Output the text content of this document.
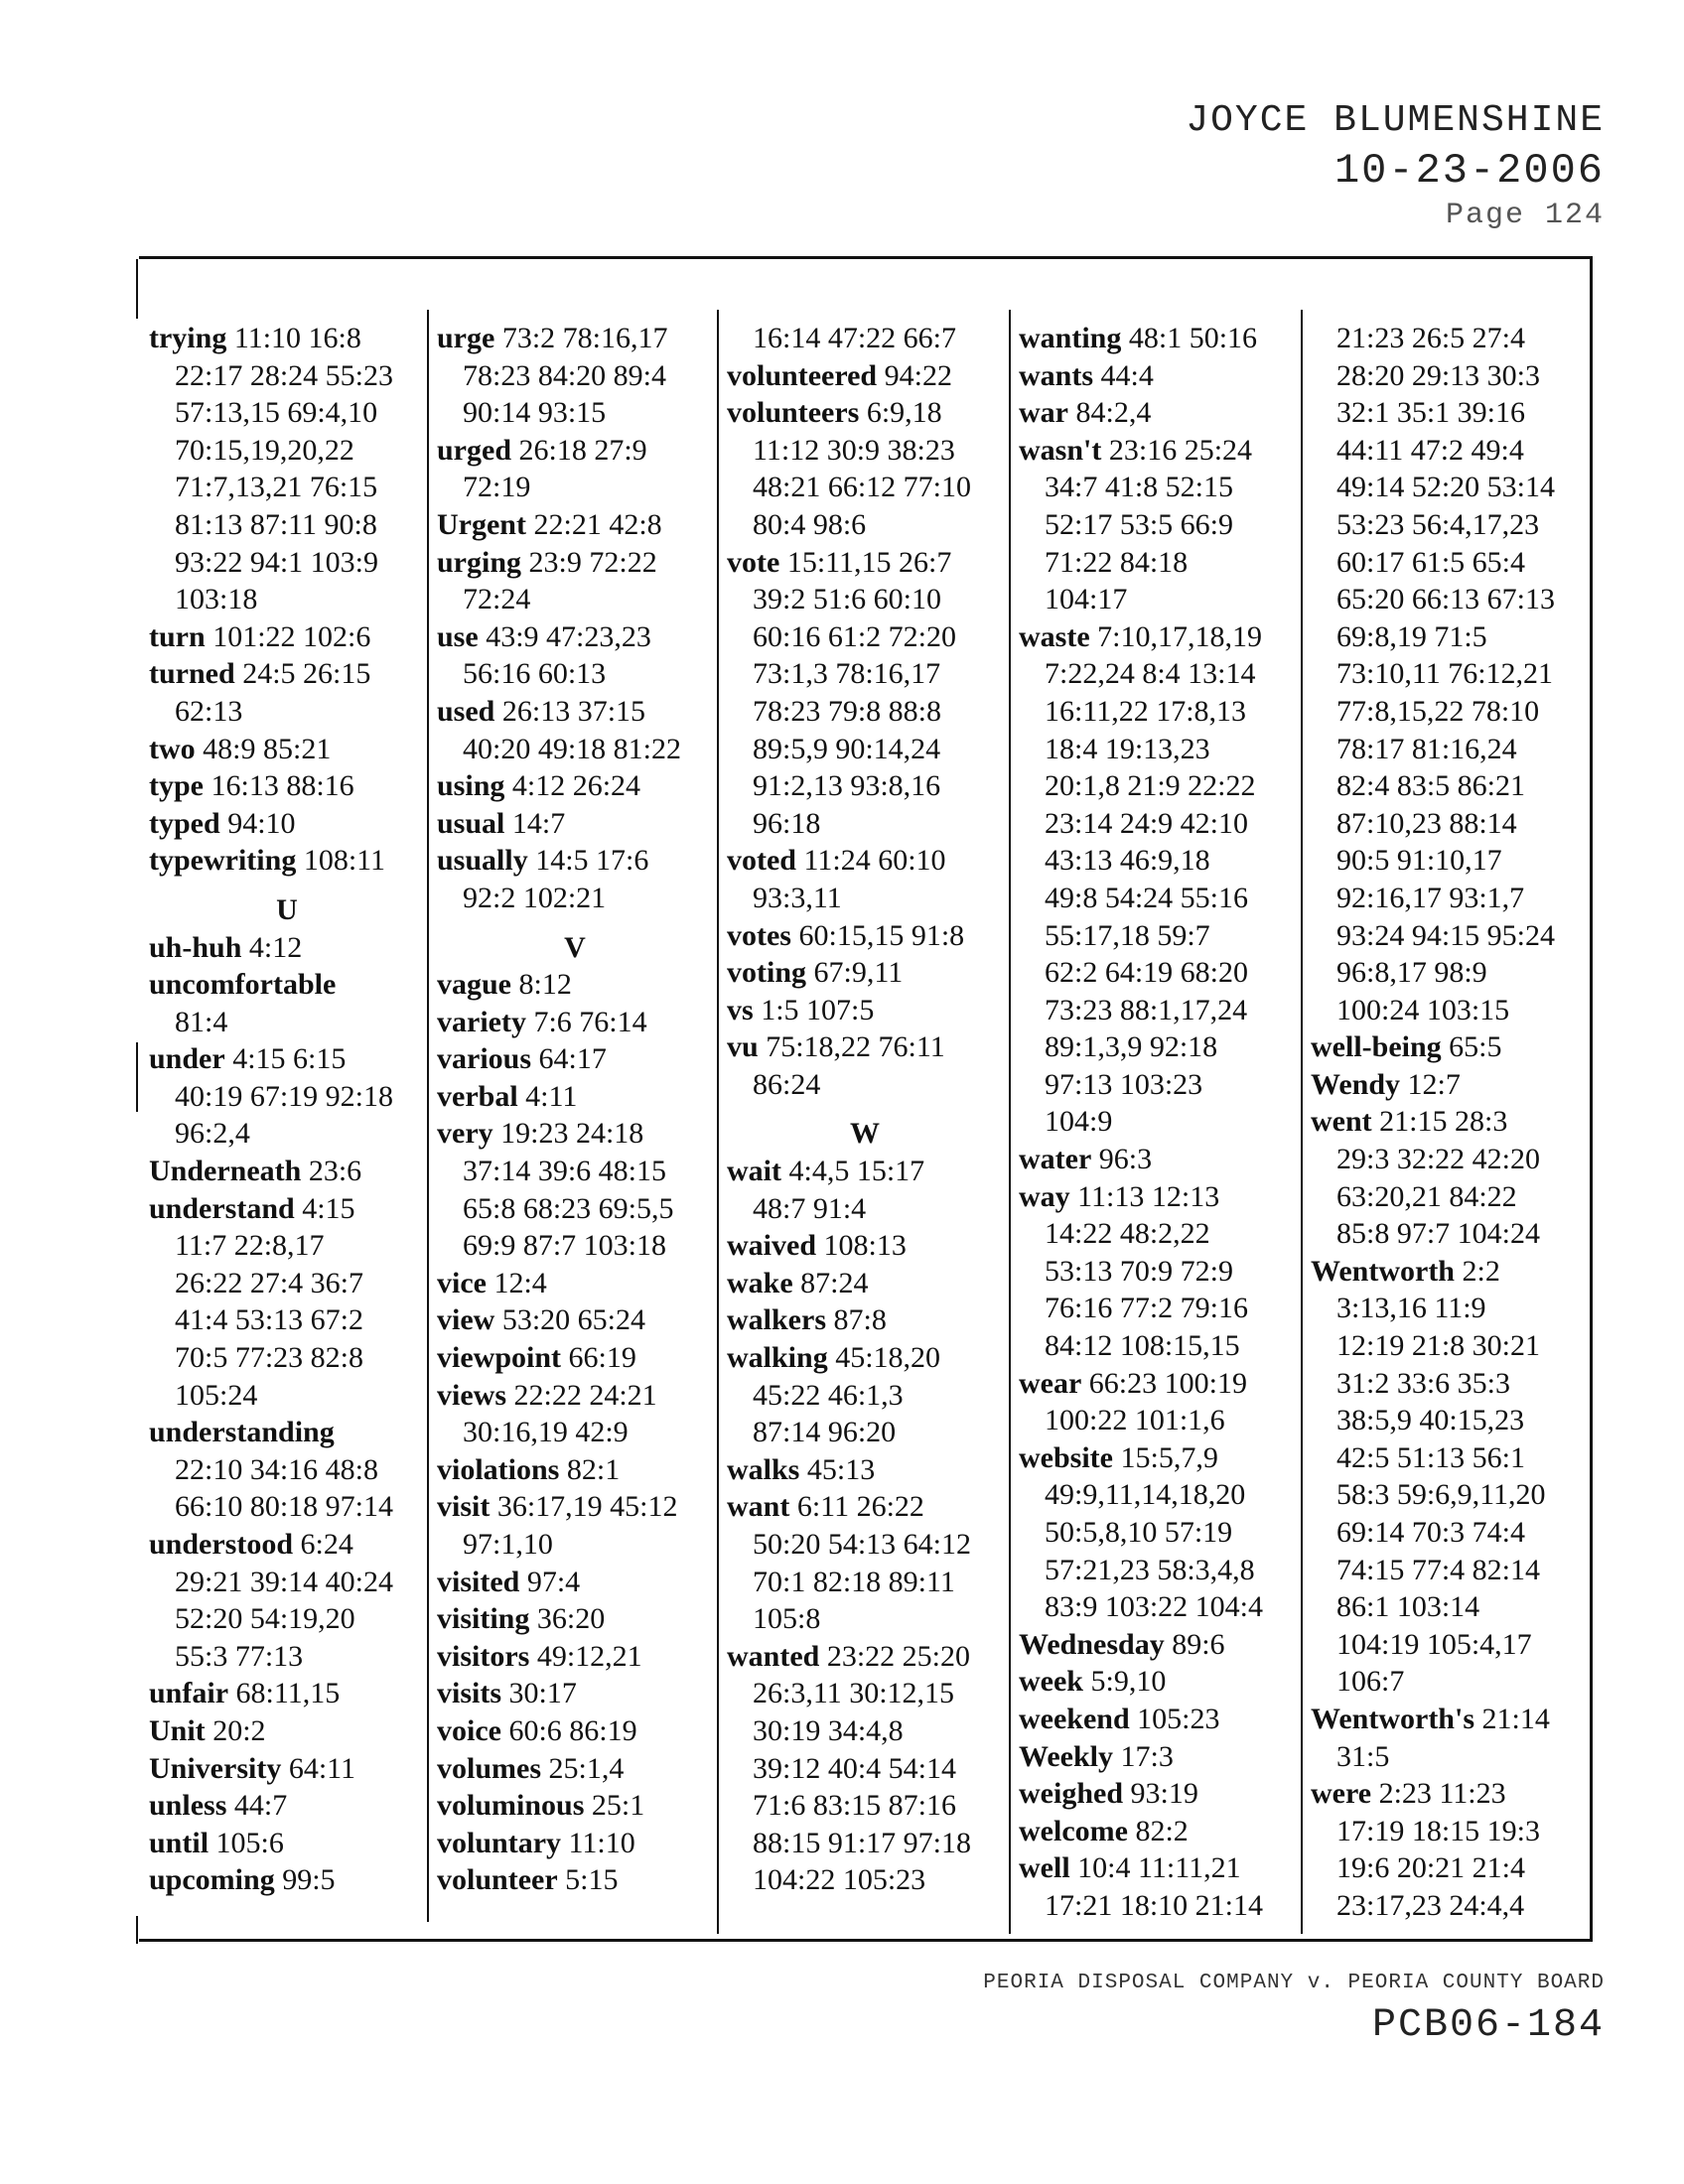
JOYCE BLUMENSHINE
10-23-2006
Page 124
trying 11:10 16:8
22:17 28:24 55:23
57:13,15 69:4,10
70:15,19,20,22
71:7,13,21 76:15
81:13 87:11 90:8
93:22 94:1 103:9
103:18
turn 101:22 102:6
turned 24:5 26:15
62:13
two 48:9 85:21
type 16:13 88:16
typed 94:10
typewriting 108:11
U
uh-huh 4:12
uncomfortable
81:4
under 4:15 6:15
40:19 67:19 92:18
96:2,4
Underneath 23:6
understand 4:15
11:7 22:8,17
26:22 27:4 36:7
41:4 53:13 67:2
70:5 77:23 82:8
105:24
understanding
22:10 34:16 48:8
66:10 80:18 97:14
understood 6:24
29:21 39:14 40:24
52:20 54:19,20
55:3 77:13
unfair 68:11,15
Unit 20:2
University 64:11
unless 44:7
until 105:6
upcoming 99:5
urge 73:2 78:16,17
78:23 84:20 89:4
90:14 93:15
urged 26:18 27:9
72:19
Urgent 22:21 42:8
urging 23:9 72:22
72:24
use 43:9 47:23,23
56:16 60:13
used 26:13 37:15
40:20 49:18 81:22
using 4:12 26:24
usual 14:7
usually 14:5 17:6
92:2 102:21
V
vague 8:12
variety 7:6 76:14
various 64:17
verbal 4:11
very 19:23 24:18
37:14 39:6 48:15
65:8 68:23 69:5,5
69:9 87:7 103:18
vice 12:4
view 53:20 65:24
viewpoint 66:19
views 22:22 24:21
30:16,19 42:9
violations 82:1
visit 36:17,19 45:12
97:1,10
visited 97:4
visiting 36:20
visitors 49:12,21
visits 30:17
voice 60:6 86:19
volumes 25:1,4
voluminous 25:1
voluntary 11:10
volunteer 5:15
16:14 47:22 66:7
volunteered 94:22
volunteers 6:9,18
11:12 30:9 38:23
48:21 66:12 77:10
80:4 98:6
vote 15:11,15 26:7
39:2 51:6 60:10
60:16 61:2 72:20
73:1,3 78:16,17
78:23 79:8 88:8
89:5,9 90:14,24
91:2,13 93:8,16
96:18
voted 11:24 60:10
93:3,11
votes 60:15,15 91:8
voting 67:9,11
vs 1:5 107:5
vu 75:18,22 76:11
86:24
W
wait 4:4,5 15:17
48:7 91:4
waived 108:13
wake 87:24
walkers 87:8
walking 45:18,20
45:22 46:1,3
87:14 96:20
walks 45:13
want 6:11 26:22
50:20 54:13 64:12
70:1 82:18 89:11
105:8
wanted 23:22 25:20
26:3,11 30:12,15
30:19 34:4,8
39:12 40:4 54:14
71:6 83:15 87:16
88:15 91:17 97:18
104:22 105:23
wanting 48:1 50:16
wants 44:4
war 84:2,4
wasn't 23:16 25:24
34:7 41:8 52:15
52:17 53:5 66:9
71:22 84:18
104:17
waste 7:10,17,18,19
7:22,24 8:4 13:14
16:11,22 17:8,13
18:4 19:13,23
20:1,8 21:9 22:22
23:14 24:9 42:10
43:13 46:9,18
49:8 54:24 55:16
55:17,18 59:7
62:2 64:19 68:20
73:23 88:1,17,24
89:1,3,9 92:18
97:13 103:23
104:9
water 96:3
way 11:13 12:13
14:22 48:2,22
53:13 70:9 72:9
76:16 77:2 79:16
84:12 108:15,15
wear 66:23 100:19
100:22 101:1,6
website 15:5,7,9
49:9,11,14,18,20
50:5,8,10 57:19
57:21,23 58:3,4,8
83:9 103:22 104:4
Wednesday 89:6
week 5:9,10
weekend 105:23
Weekly 17:3
weighed 93:19
welcome 82:2
well 10:4 11:11,21
17:21 18:10 21:14
21:23 26:5 27:4
28:20 29:13 30:3
32:1 35:1 39:16
44:11 47:2 49:4
49:14 52:20 53:14
53:23 56:4,17,23
60:17 61:5 65:4
65:20 66:13 67:13
69:8,19 71:5
73:10,11 76:12,21
77:8,15,22 78:10
78:17 81:16,24
82:4 83:5 86:21
87:10,23 88:14
90:5 91:10,17
92:16,17 93:1,7
93:24 94:15 95:24
96:8,17 98:9
100:24 103:15
well-being 65:5
Wendy 12:7
went 21:15 28:3
29:3 32:22 42:20
63:20,21 84:22
85:8 97:7 104:24
Wentworth 2:2
3:13,16 11:9
12:19 21:8 30:21
31:2 33:6 35:3
38:5,9 40:15,23
42:5 51:13 56:1
58:3 59:6,9,11,20
69:14 70:3 74:4
74:15 77:4 82:14
86:1 103:14
104:19 105:4,17
106:7
Wentworth's 21:14
31:5
were 2:23 11:23
17:19 18:15 19:3
19:6 20:21 21:4
23:17,23 24:4,4
PEORIA DISPOSAL COMPANY v. PEORIA COUNTY BOARD
PCB06-184
